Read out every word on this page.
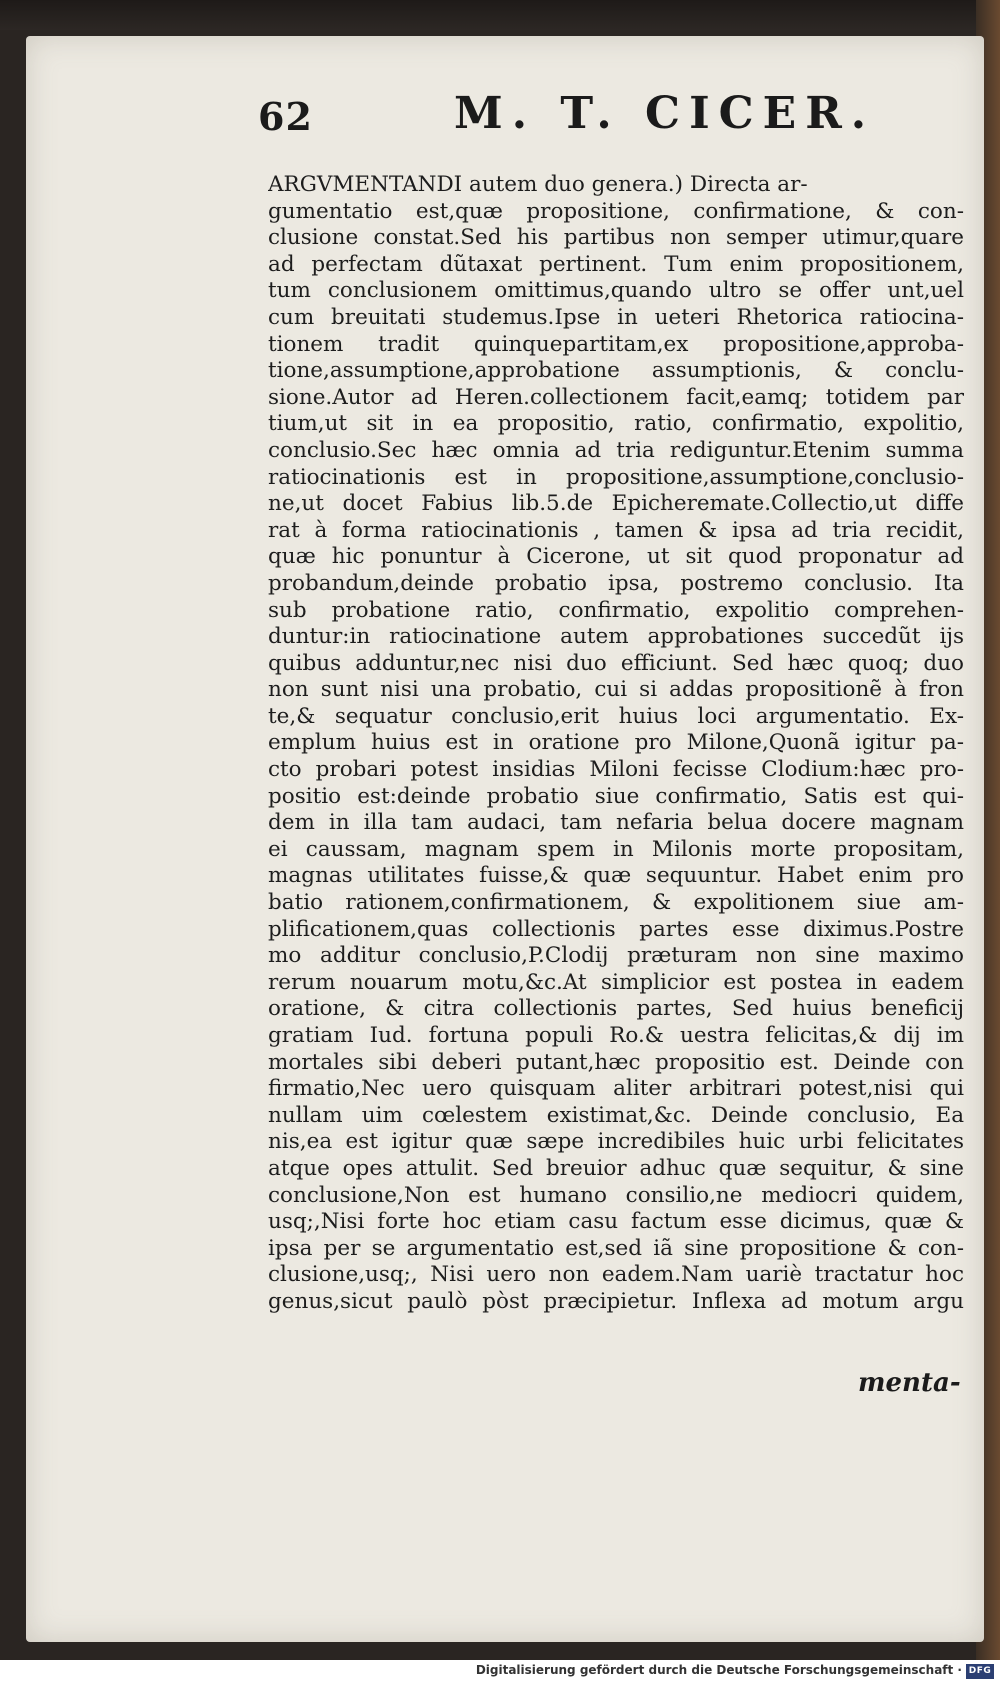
62	M. T. CICER.
ARGVMENTANDI autem duo genera.) Directa ar-
gumentatio est,quæ propositione, confirmatione, & con-
clusione constat.Sed his partibus non semper utimur,quare
ad perfectam dũtaxat pertinent. Tum enim propositionem,
tum conclusionem omittimus,quando ultro se offer unt,uel
cum breuitati studemus.Ipse in ueteri Rhetorica ratiocina-
tionem tradit quinquepartitam,ex propositione,approba-
tione,assumptione,approbatione assumptionis, & conclu-
sione.Autor ad Heren.collectionem facit,eamq; totidem par
tium,ut sit in ea propositio, ratio, confirmatio, expolitio,
conclusio.Sec hæc omnia ad tria rediguntur.Etenim summa
ratiocinationis est in propositione,assumptione,conclusio-
ne,ut docet Fabius lib.5.de Epicheremate.Collectio,ut diffe
rat à forma ratiocinationis , tamen & ipsa ad tria recidit,
quæ hic ponuntur à Cicerone, ut sit quod proponatur ad
probandum,deinde probatio ipsa, postremo conclusio. Ita
sub probatione ratio, confirmatio, expolitio comprehen-
duntur:in ratiocinatione autem approbationes succedũt ijs
quibus adduntur,nec nisi duo efficiunt. Sed hæc quoq; duo
non sunt nisi una probatio, cui si addas propositionẽ à fron
te,& sequatur conclusio,erit huius loci argumentatio. Ex-
emplum huius est in oratione pro Milone,Quonã igitur pa-
cto probari potest insidias Miloni fecisse Clodium:hæc pro-
positio est:deinde probatio siue confirmatio, Satis est qui-
dem in illa tam audaci, tam nefaria belua docere magnam
ei caussam, magnam spem in Milonis morte propositam,
magnas utilitates fuisse,& quæ sequuntur. Habet enim pro
batio rationem,confirmationem, & expolitionem siue am-
plificationem,quas collectionis partes esse diximus.Postre
mo additur conclusio,P.Clodij præturam non sine maximo
rerum nouarum motu,&c.At simplicior est postea in eadem
oratione, & citra collectionis partes, Sed huius beneficij
gratiam Iud. fortuna populi Ro.& uestra felicitas,& dij im
mortales sibi deberi putant,hæc propositio est. Deinde con
firmatio,Nec uero quisquam aliter arbitrari potest,nisi qui
nullam uim cœlestem existimat,&c. Deinde conclusio, Ea
nis,ea est igitur quæ sæpe incredibiles huic urbi felicitates
atque opes attulit. Sed breuior adhuc quæ sequitur, & sine
conclusione,Non est humano consilio,ne mediocri quidem,
usq;,Nisi forte hoc etiam casu factum esse dicimus, quæ &
ipsa per se argumentatio est,sed iã sine propositione & con-
clusione,usq;, Nisi uero non eadem.Nam uariè tractatur hoc
genus,sicut paulò pòst præcipietur. Inflexa ad motum argu
menta-
Digitalisierung gefördert durch die Deutsche Forschungsgemeinschaft · DFG
